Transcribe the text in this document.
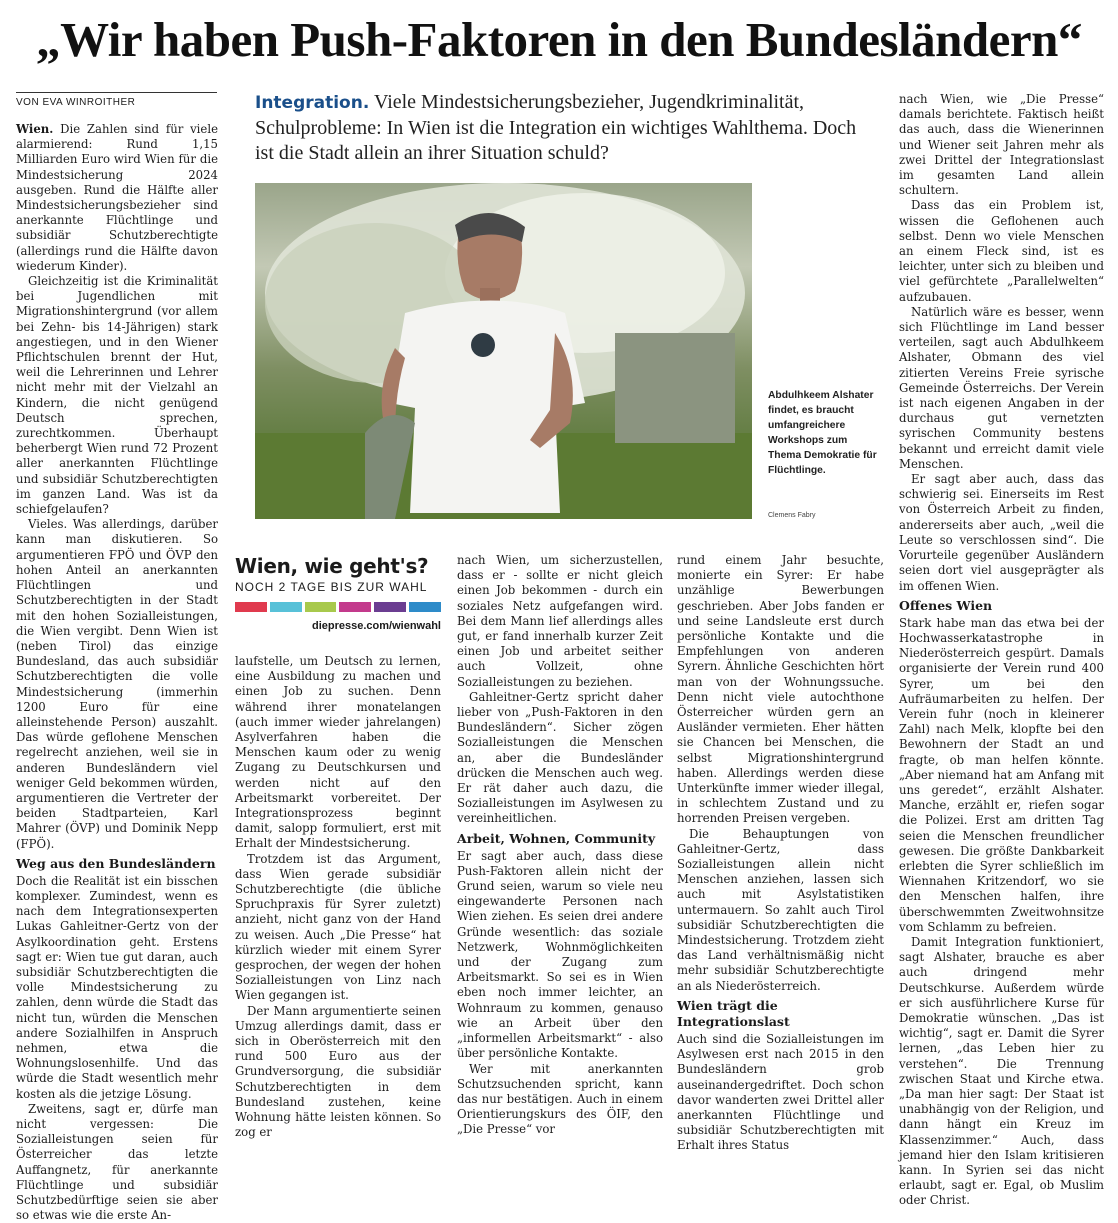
„Wir haben Push-Faktoren in den Bundesländern“
VON EVA WINROITHER	Integration. Viele Mindestsicherungsbezieher, Jugendkriminalität, Schulprobleme: In Wien ist die Integration ein wichtiges Wahlthema. Doch ist die Stadt allein an ihrer Situation schuld?
Abdulhkeem Alshater findet, es braucht umfangreichere Workshops zum Thema Demokratie für Flüchtlinge.
Clemens Fabry
Wien, wie geht's?
NOCH 2 TAGE BIS ZUR WAHL
diepresse.com/wienwahl

Wien. Die Zahlen sind für viele alarmierend: Rund 1,15 Milliarden Euro wird Wien für die Mindestsicherung 2024 ausgeben. Rund die Hälfte aller Mindestsicherungsbezieher sind anerkannte Flüchtlinge und subsidiär Schutzberechtigte (allerdings rund die Hälfte davon wiederum Kinder).

Gleichzeitig ist die Kriminalität bei Jugendlichen mit Migrationshintergrund (vor allem bei Zehn- bis 14-Jährigen) stark angestiegen, und in den Wiener Pflichtschulen brennt der Hut, weil die Lehrerinnen und Lehrer nicht mehr mit der Vielzahl an Kindern, die nicht genügend Deutsch sprechen, zurechtkommen. Überhaupt beherbergt Wien rund 72 Prozent aller anerkannten Flüchtlinge und subsidiär Schutzberechtigten im ganzen Land. Was ist da schiefgelaufen?

Vieles. Was allerdings, darüber kann man diskutieren. So argumentieren FPÖ und ÖVP den hohen Anteil an anerkannten Flüchtlingen und Schutzberechtigten in der Stadt mit den hohen Sozialleistungen, die Wien vergibt. Denn Wien ist (neben Tirol) das einzige Bundesland, das auch subsidiär Schutzberechtigten die volle Mindestsicherung (immerhin 1200 Euro für eine alleinstehende Person) auszahlt. Das würde geflohene Menschen regelrecht anziehen, weil sie in anderen Bundesländern viel weniger Geld bekommen würden, argumentieren die Vertreter der beiden Stadtparteien, Karl Mahrer (ÖVP) und Dominik Nepp (FPÖ).

Weg aus den Bundesländern

Doch die Realität ist ein bisschen komplexer. Zumindest, wenn es nach dem Integrationsexperten Lukas Gahleitner-Gertz von der Asylkoordination geht. Erstens sagt er: Wien tue gut daran, auch subsidiär Schutzberechtigten die volle Mindestsicherung zu zahlen, denn würde die Stadt das nicht tun, würden die Menschen andere Sozialhilfen in Anspruch nehmen, etwa die Wohnungslosenhilfe. Und das würde die Stadt wesentlich mehr kosten als die jetzige Lösung.

Zweitens, sagt er, dürfe man nicht vergessen: Die Sozialleistungen seien für Österreicher das letzte Auffangnetz, für anerkannte Flüchtlinge und subsidiär Schutzbedürftige seien sie aber so etwas wie die erste An-

laufstelle, um Deutsch zu lernen, eine Ausbildung zu machen und einen Job zu suchen. Denn während ihrer monatelangen (auch immer wieder jahrelangen) Asylverfahren haben die Menschen kaum oder zu wenig Zugang zu Deutschkursen und werden nicht auf den Arbeitsmarkt vorbereitet. Der Integrationsprozess beginnt damit, salopp formuliert, erst mit Erhalt der Mindestsicherung.

Trotzdem ist das Argument, dass Wien gerade subsidiär Schutzberechtigte (die übliche Spruchpraxis für Syrer zuletzt) anzieht, nicht ganz von der Hand zu weisen. Auch „Die Presse“ hat kürzlich wieder mit einem Syrer gesprochen, der wegen der hohen Sozialleistungen von Linz nach Wien gegangen ist.

Der Mann argumentierte seinen Umzug allerdings damit, dass er sich in Oberösterreich mit den rund 500 Euro aus der Grundversorgung, die subsidiär Schutzberechtigten in dem Bundesland zustehen, keine Wohnung hätte leisten können. So zog er

nach Wien, um sicherzustellen, dass er - sollte er nicht gleich einen Job bekommen - durch ein soziales Netz aufgefangen wird. Bei dem Mann lief allerdings alles gut, er fand innerhalb kurzer Zeit einen Job und arbeitet seither auch Vollzeit, ohne Sozialleistungen zu beziehen.

Gahleitner-Gertz spricht daher lieber von „Push-Faktoren in den Bundesländern“. Sicher zögen Sozialleistungen die Menschen an, aber die Bundesländer drücken die Menschen auch weg. Er rät daher auch dazu, die Sozialleistungen im Asylwesen zu vereinheitlichen.

Arbeit, Wohnen, Community

Er sagt aber auch, dass diese Push-Faktoren allein nicht der Grund seien, warum so viele neu eingewanderte Personen nach Wien ziehen. Es seien drei andere Gründe wesentlich: das soziale Netzwerk, Wohnmöglichkeiten und der Zugang zum Arbeitsmarkt. So sei es in Wien eben noch immer leichter, an Wohnraum zu kommen, genauso wie an Arbeit über den „informellen Arbeitsmarkt“ - also über persönliche Kontakte.

Wer mit anerkannten Schutzsuchenden spricht, kann das nur bestätigen. Auch in einem Orientierungskurs des ÖIF, den „Die Presse“ vor

rund einem Jahr besuchte, monierte ein Syrer: Er habe unzählige Bewerbungen geschrieben. Aber Jobs fanden er und seine Landsleute erst durch persönliche Kontakte und die Empfehlungen von anderen Syrern. Ähnliche Geschichten hört man von der Wohnungssuche. Denn nicht viele autochthone Österreicher würden gern an Ausländer vermieten. Eher hätten sie Chancen bei Menschen, die selbst Migrationshintergrund haben. Allerdings werden diese Unterkünfte immer wieder illegal, in schlechtem Zustand und zu horrenden Preisen vergeben.

Die Behauptungen von Gahleitner-Gertz, dass Sozialleistungen allein nicht Menschen anziehen, lassen sich auch mit Asylstatistiken untermauern. So zahlt auch Tirol subsidiär Schutzberechtigten die Mindestsicherung. Trotzdem zieht das Land verhältnismäßig nicht mehr subsidiär Schutzberechtigte an als Niederösterreich.

Wien trägt die Integrationslast

Auch sind die Sozialleistungen im Asylwesen erst nach 2015 in den Bundesländern grob auseinandergedriftet. Doch schon davor wanderten zwei Drittel aller anerkannten Flüchtlinge und subsidiär Schutzberechtigten mit Erhalt ihres Status

nach Wien, wie „Die Presse“ damals berichtete. Faktisch heißt das auch, dass die Wienerinnen und Wiener seit Jahren mehr als zwei Drittel der Integrationslast im gesamten Land allein schultern.

Dass das ein Problem ist, wissen die Geflohenen auch selbst. Denn wo viele Menschen an einem Fleck sind, ist es leichter, unter sich zu bleiben und viel gefürchtete „Parallelwelten“ aufzubauen.

Natürlich wäre es besser, wenn sich Flüchtlinge im Land besser verteilen, sagt auch Abdulhkeem Alshater, Obmann des viel zitierten Vereins Freie syrische Gemeinde Österreichs. Der Verein ist nach eigenen Angaben in der durchaus gut vernetzten syrischen Community bestens bekannt und erreicht damit viele Menschen.

Er sagt aber auch, dass das schwierig sei. Einerseits im Rest von Österreich Arbeit zu finden, andererseits aber auch, „weil die Leute so verschlossen sind“. Die Vorurteile gegenüber Ausländern seien dort viel ausgeprägter als im offenen Wien.

Offenes Wien

Stark habe man das etwa bei der Hochwasserkatastrophe in Niederösterreich gespürt. Damals organisierte der Verein rund 400 Syrer, um bei den Aufräumarbeiten zu helfen. Der Verein fuhr (noch in kleinerer Zahl) nach Melk, klopfte bei den Bewohnern der Stadt an und fragte, ob man helfen könnte. „Aber niemand hat am Anfang mit uns geredet“, erzählt Alshater. Manche, erzählt er, riefen sogar die Polizei. Erst am dritten Tag seien die Menschen freundlicher gewesen. Die größte Dankbarkeit erlebten die Syrer schließlich im Wiennahen Kritzendorf, wo sie den Menschen halfen, ihre überschwemmten Zweitwohnsitze vom Schlamm zu befreien.

Damit Integration funktioniert, sagt Alshater, brauche es aber auch dringend mehr Deutschkurse. Außerdem würde er sich ausführlichere Kurse für Demokratie wünschen. „Das ist wichtig“, sagt er. Damit die Syrer lernen, „das Leben hier zu verstehen“. Die Trennung zwischen Staat und Kirche etwa. „Da man hier sagt: Der Staat ist unabhängig von der Religion, und dann hängt ein Kreuz im Klassenzimmer.“ Auch, dass jemand hier den Islam kritisieren kann. In Syrien sei das nicht erlaubt, sagt er. Egal, ob Muslim oder Christ.
